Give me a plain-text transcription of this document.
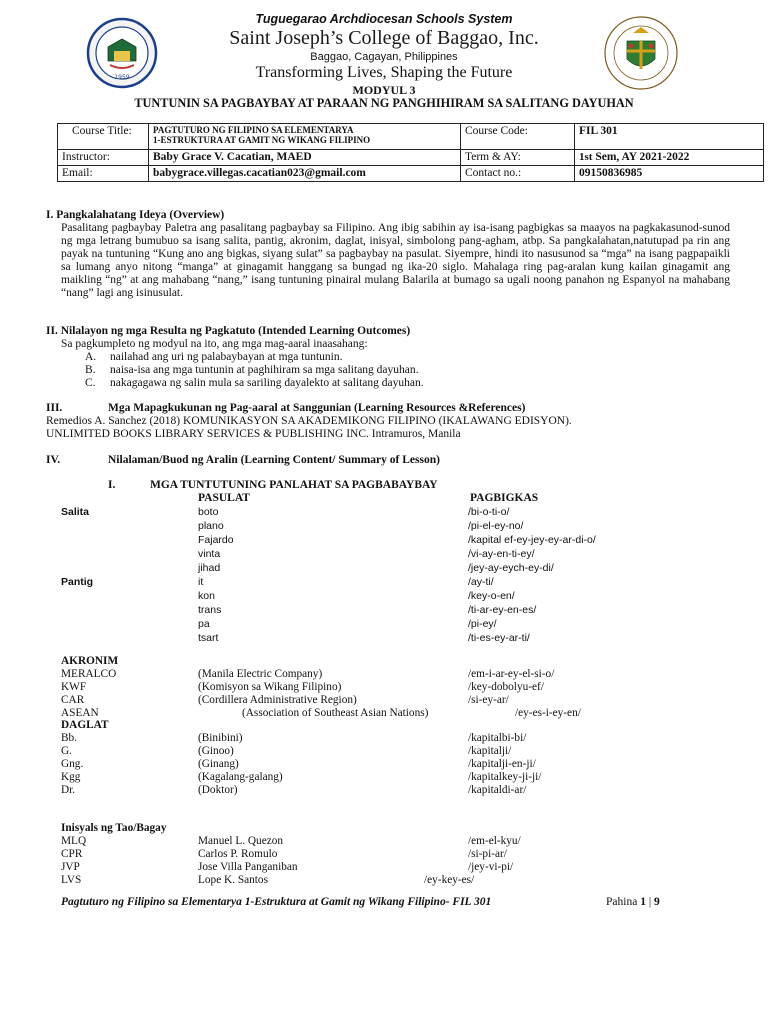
1959
Tuguegarao Archdiocesan Schools System
Saint Joseph’s College of Baggao, Inc.
Baggao, Cagayan, Philippines
Transforming Lives, Shaping the Future
MODYUL 3
TUNTUNIN SA PAGBAYBAY AT PARAAN NG PANGHIHIRAM SA SALITANG DAYUHAN
Course Title:	PAGTUTURO NG FILIPINO SA ELEMENTARYA
1-ESTRUKTURA AT GAMIT NG WIKANG FILIPINO	Course Code:	FIL 301
Instructor:	Baby Grace V. Cacatian, MAED	Term & AY:	1st Sem, AY 2021-2022
Email:	babygrace.villegas.cacatian023@gmail.com	Contact no.:	09150836985
I. Pangkalahatang Ideya (Overview)
Pasalitang pagbaybay Paletra ang pasalitang pagbaybay sa Filipino. Ang ibig sabihin ay isa-isang pagbigkas sa maayos na pagkakasunod-sunod ng mga letrang bumubuo sa isang salita, pantig, akronim, daglat, inisyal, simbolong pang-agham, atbp. Sa pangkalahatan,natutupad pa rin ang payak na tuntuning “Kung ano ang bigkas, siyang sulat” sa pagbaybay na pasulat. Siyempre, hindi ito nasusunod sa “mga” na isang pagpapaikli sa lumang anyo nitong “manga” at ginagamit hanggang sa bungad ng ika-20 siglo. Mahalaga ring pag-aralan kung kailan ginagamit ang maikling “ng” at ang mahabang “nang,” isang tuntuning pinairal mulang Balarila at bumago sa ugali noong panahon ng Espanyol na mahabang “nang” lagi ang isinusulat.
II. Nilalayon ng mga Resulta ng Pagkatuto (Intended Learning Outcomes)
Sa pagkumpleto ng modyul na ito, ang mga mag-aaral inaasahang:
A. nailahad ang uri ng palabaybayan at mga tuntunin.
B. naisa-isa ang mga tuntunin at paghihiram sa mga salitang dayuhan.
C. nakagagawa ng salin mula sa sariling dayalekto at salitang dayuhan.
III.	Mga Mapagkukunan ng Pag-aaral at Sanggunian (Learning Resources &References)
Remedios A. Sanchez (2018) KOMUNIKASYON SA AKADEMIKONG FILIPINO (IKALAWANG EDISYON).
UNLIMITED BOOKS LIBRARY SERVICES & PUBLISHING INC. Intramuros, Manila
IV.	Nilalaman/Buod ng Aralin (Learning Content/ Summary of Lesson)
I.	MGA TUNTUTUNING PANLAHAT SA PAGBABAYBAY
PASULAT	PAGBIGKAS
Salita	boto	/bi-o-ti-o/
plano	/pi-el-ey-no/
Fajardo	/kapital ef-ey-jey-ey-ar-di-o/
vinta	/vi-ay-en-ti-ey/
jihad	/jey-ay-eych-ey-di/
Pantig	it	/ay-ti/
kon	/key-o-en/
trans	/ti-ar-ey-en-es/
pa	/pi-ey/
tsart	/ti-es-ey-ar-ti/
AKRONIM
MERALCO	(Manila Electric Company)	/em-i-ar-ey-el-si-o/
KWF	(Komisyon sa Wikang Filipino)	/key-dobolyu-ef/
CAR	(Cordillera Administrative Region)	/si-ey-ar/
ASEAN	(Association of Southeast Asian Nations)	/ey-es-i-ey-en/
DAGLAT
Bb.	(Binibini)	/kapitalbi-bi/
G.	(Ginoo)	/kapitalji/
Gng.	(Ginang)	/kapitalji-en-ji/
Kgg	(Kagalang-galang)	/kapitalkey-ji-ji/
Dr.	(Doktor)	/kapitaldi-ar/
Inisyals ng Tao/Bagay
MLQ	Manuel L. Quezon	/em-el-kyu/
CPR	Carlos P. Romulo	/si-pi-ar/
JVP	Jose Villa Panganiban	/jey-vi-pi/
LVS	Lope K. Santos	/ey-key-es/
Pagtuturo ng Filipino sa Elementarya 1-Estruktura at Gamit ng Wikang Filipino- FIL 301	Pahina 1 | 9
